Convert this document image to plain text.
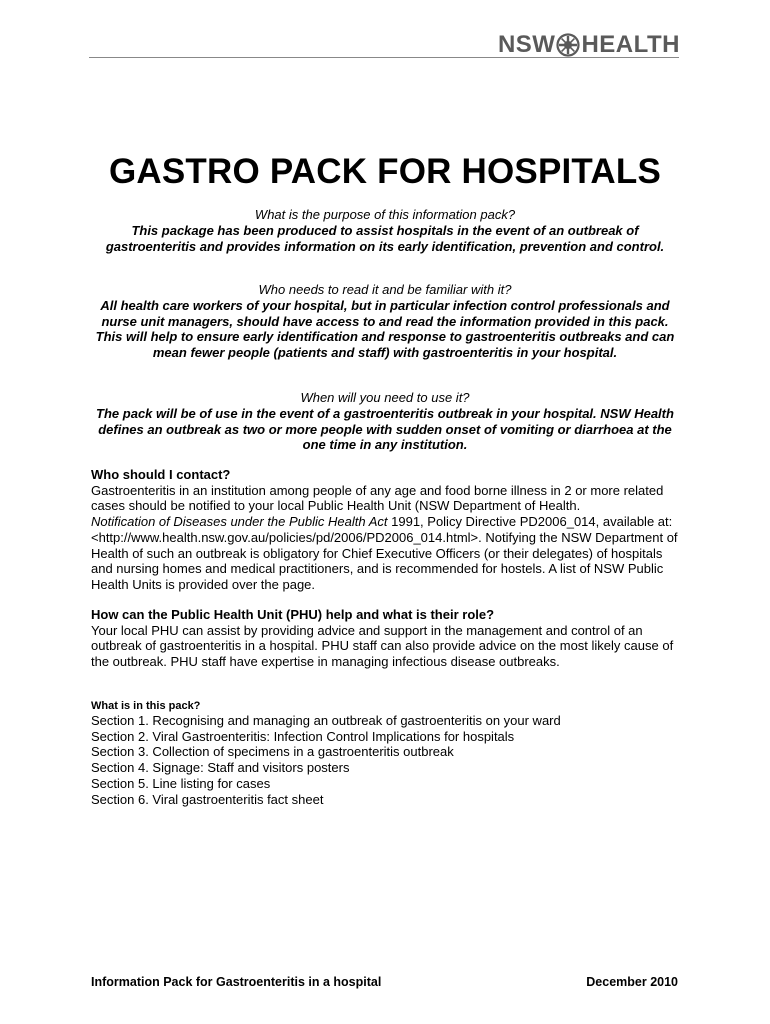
NSW HEALTH
GASTRO PACK FOR HOSPITALS
What is the purpose of this information pack?
This package has been produced to assist hospitals in the event of an outbreak of gastroenteritis and provides information on its early identification, prevention and control.
Who needs to read it and be familiar with it?
All health care workers of your hospital, but in particular infection control professionals and nurse unit managers, should have access to and read the information provided in this pack. This will help to ensure early identification and response to gastroenteritis outbreaks and can mean fewer people (patients and staff) with gastroenteritis in your hospital.
When will you need to use it?
The pack will be of use in the event of a gastroenteritis outbreak in your hospital. NSW Health defines an outbreak as two or more people with sudden onset of vomiting or diarrhoea at the one time in any institution.
Who should I contact?
Gastroenteritis in an institution among people of any age and food borne illness in 2 or more related cases should be notified to your local Public Health Unit (NSW Department of Health.
Notification of Diseases under the Public Health Act 1991, Policy Directive PD2006_014, available at: <http://www.health.nsw.gov.au/policies/pd/2006/PD2006_014.html>. Notifying the NSW Department of Health of such an outbreak is obligatory for Chief Executive Officers (or their delegates) of hospitals and nursing homes and medical practitioners, and is recommended for hostels. A list of NSW Public Health Units is provided over the page.
How can the Public Health Unit (PHU) help and what is their role?
Your local PHU can assist by providing advice and support in the management and control of an outbreak of gastroenteritis in a hospital. PHU staff can also provide advice on the most likely cause of the outbreak. PHU staff have expertise in managing infectious disease outbreaks.
What is in this pack?
Section 1. Recognising and managing an outbreak of gastroenteritis on your ward
Section 2. Viral Gastroenteritis: Infection Control Implications for hospitals
Section 3. Collection of specimens in a gastroenteritis outbreak
Section 4. Signage: Staff and visitors posters
Section 5. Line listing for cases
Section 6. Viral gastroenteritis fact sheet
Information Pack for Gastroenteritis in a hospital	December 2010
